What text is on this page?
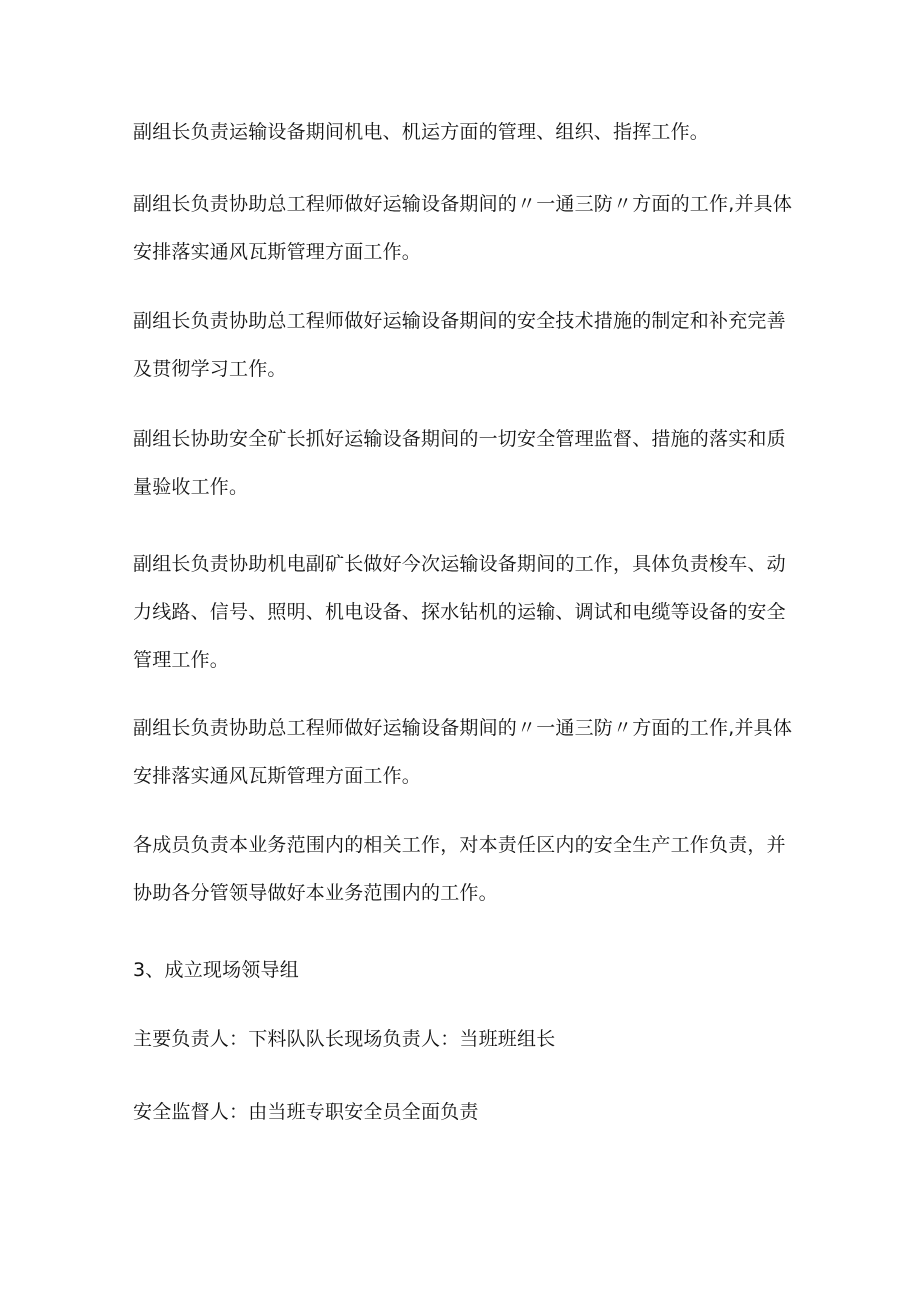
副组长负责运输设备期间机电、机运方面的管理、组织、指挥工作。

副组长负责协助总工程师做好运输设备期间的〃一通三防〃方面的工作,并具体安排落实通风瓦斯管理方面工作。

副组长负责协助总工程师做好运输设备期间的安全技术措施的制定和补充完善及贯彻学习工作。

副组长协助安全矿长抓好运输设备期间的一切安全管理监督、措施的落实和质量验收工作。

副组长负责协助机电副矿长做好今次运输设备期间的工作，具体负责梭车、动力线路、信号、照明、机电设备、探水钻机的运输、调试和电缆等设备的安全管理工作。

副组长负责协助总工程师做好运输设备期间的〃一通三防〃方面的工作,并具体安排落实通风瓦斯管理方面工作。

各成员负责本业务范围内的相关工作，对本责任区内的安全生产工作负责，并协助各分管领导做好本业务范围内的工作。

3、成立现场领导组

主要负责人：下料队队长现场负责人：当班班组长

安全监督人：由当班专职安全员全面负责
